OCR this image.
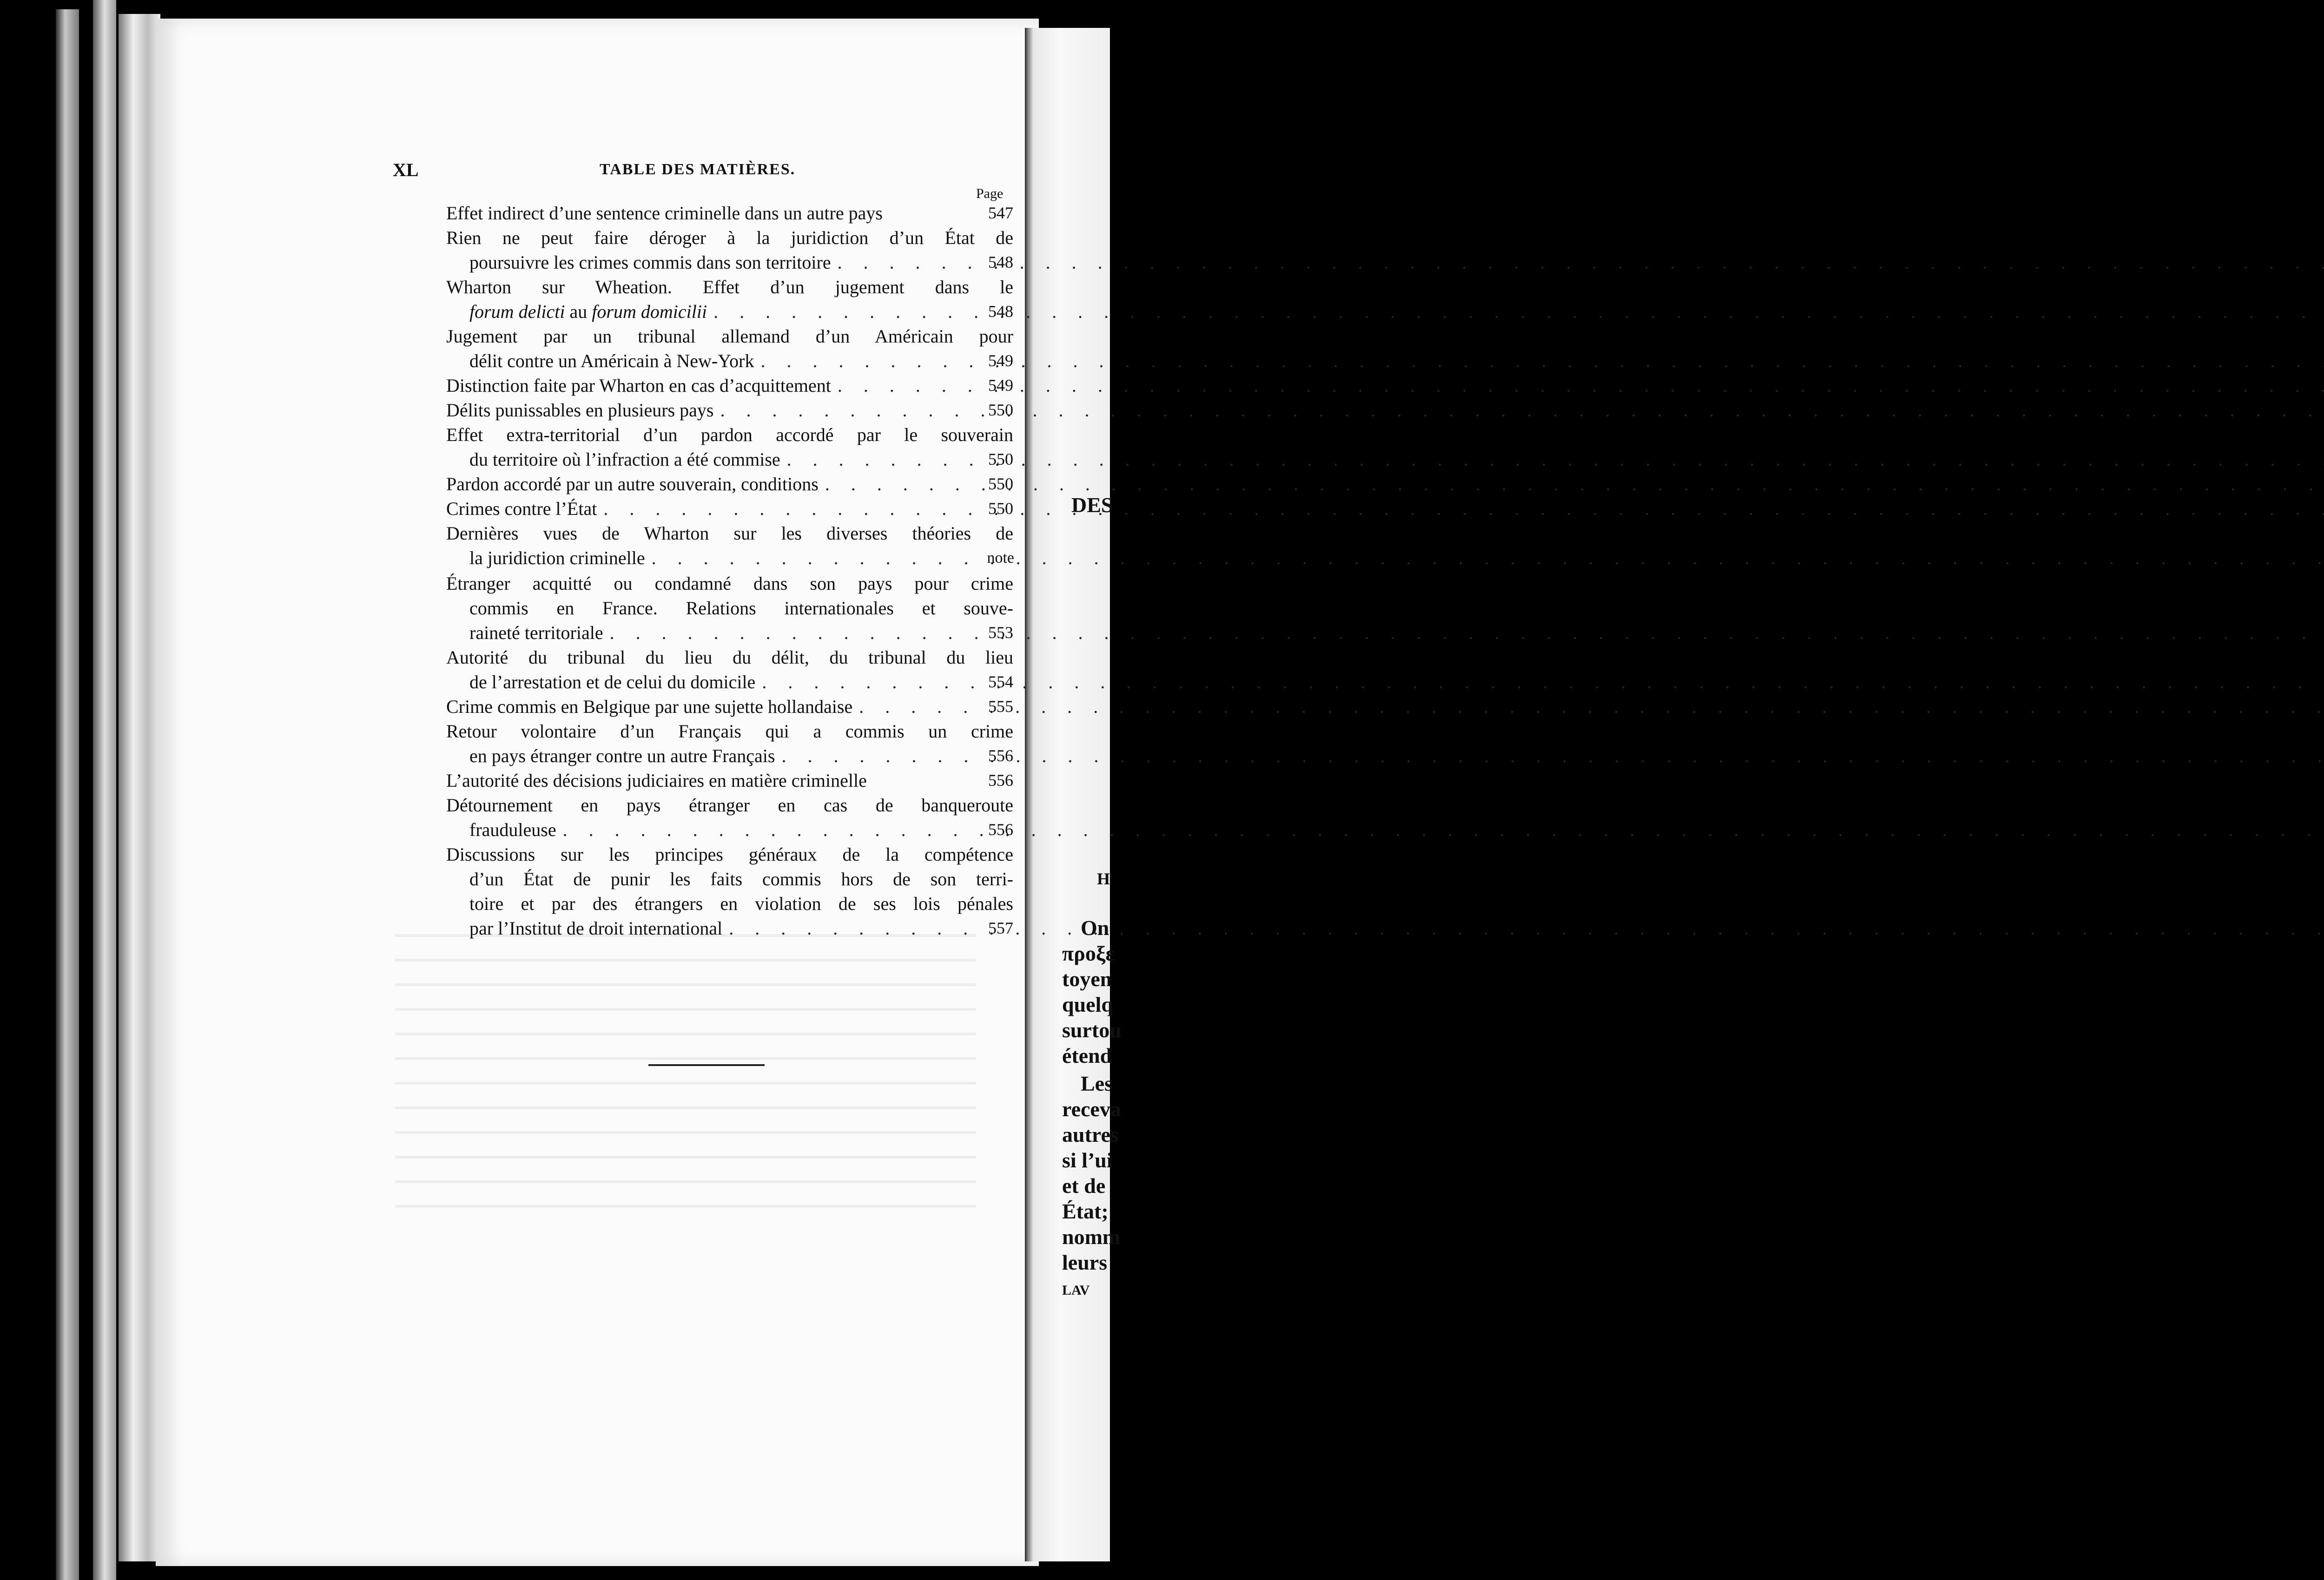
DES
H
On
προξε
toyen
quelq
surtou
étend
Les
receva
autres
si l’ui
et de
État;
nomm
leurs
LAV
XL	TABLE DES MATIÈRES.
Page
Effet indirect d’une sentence criminelle dans un autre pays	547
Rien ne peut faire déroger à la juridiction d’un État de
poursuivre les crimes commis dans son territoire . . .	548
Wharton sur Wheation. Effet d’un jugement dans le
forum delicti au forum domicilii . . .	548
Jugement par un tribunal allemand d’un Américain pour
délit contre un Américain à New-York . . .	549
Distinction faite par Wharton en cas d’acquittement . . .	549
Délits punissables en plusieurs pays . . .	550
Effet extra-territorial d’un pardon accordé par le souverain
du territoire où l’infraction a été commise . . .	550
Pardon accordé par un autre souverain, conditions . . .	550
Crimes contre l’État . . .	550
Dernières vues de Wharton sur les diverses théories de
la juridiction criminelle . . .	note
Étranger acquitté ou condamné dans son pays pour crime
commis en France. Relations internationales et souve-
raineté territoriale . . .	553
Autorité du tribunal du lieu du délit, du tribunal du lieu
de l’arrestation et de celui du domicile . . .	554
Crime commis en Belgique par une sujette hollandaise . . .	555
Retour volontaire d’un Français qui a commis un crime
en pays étranger contre un autre Français . . .	556
L’autorité des décisions judiciaires en matière criminelle	556
Détournement en pays étranger en cas de banqueroute
frauduleuse . . .	556
Discussions sur les principes généraux de la compétence
d’un État de punir les faits commis hors de son terri-
toire et par des étrangers en violation de ses lois pénales
par l’Institut de droit international . . .	557
